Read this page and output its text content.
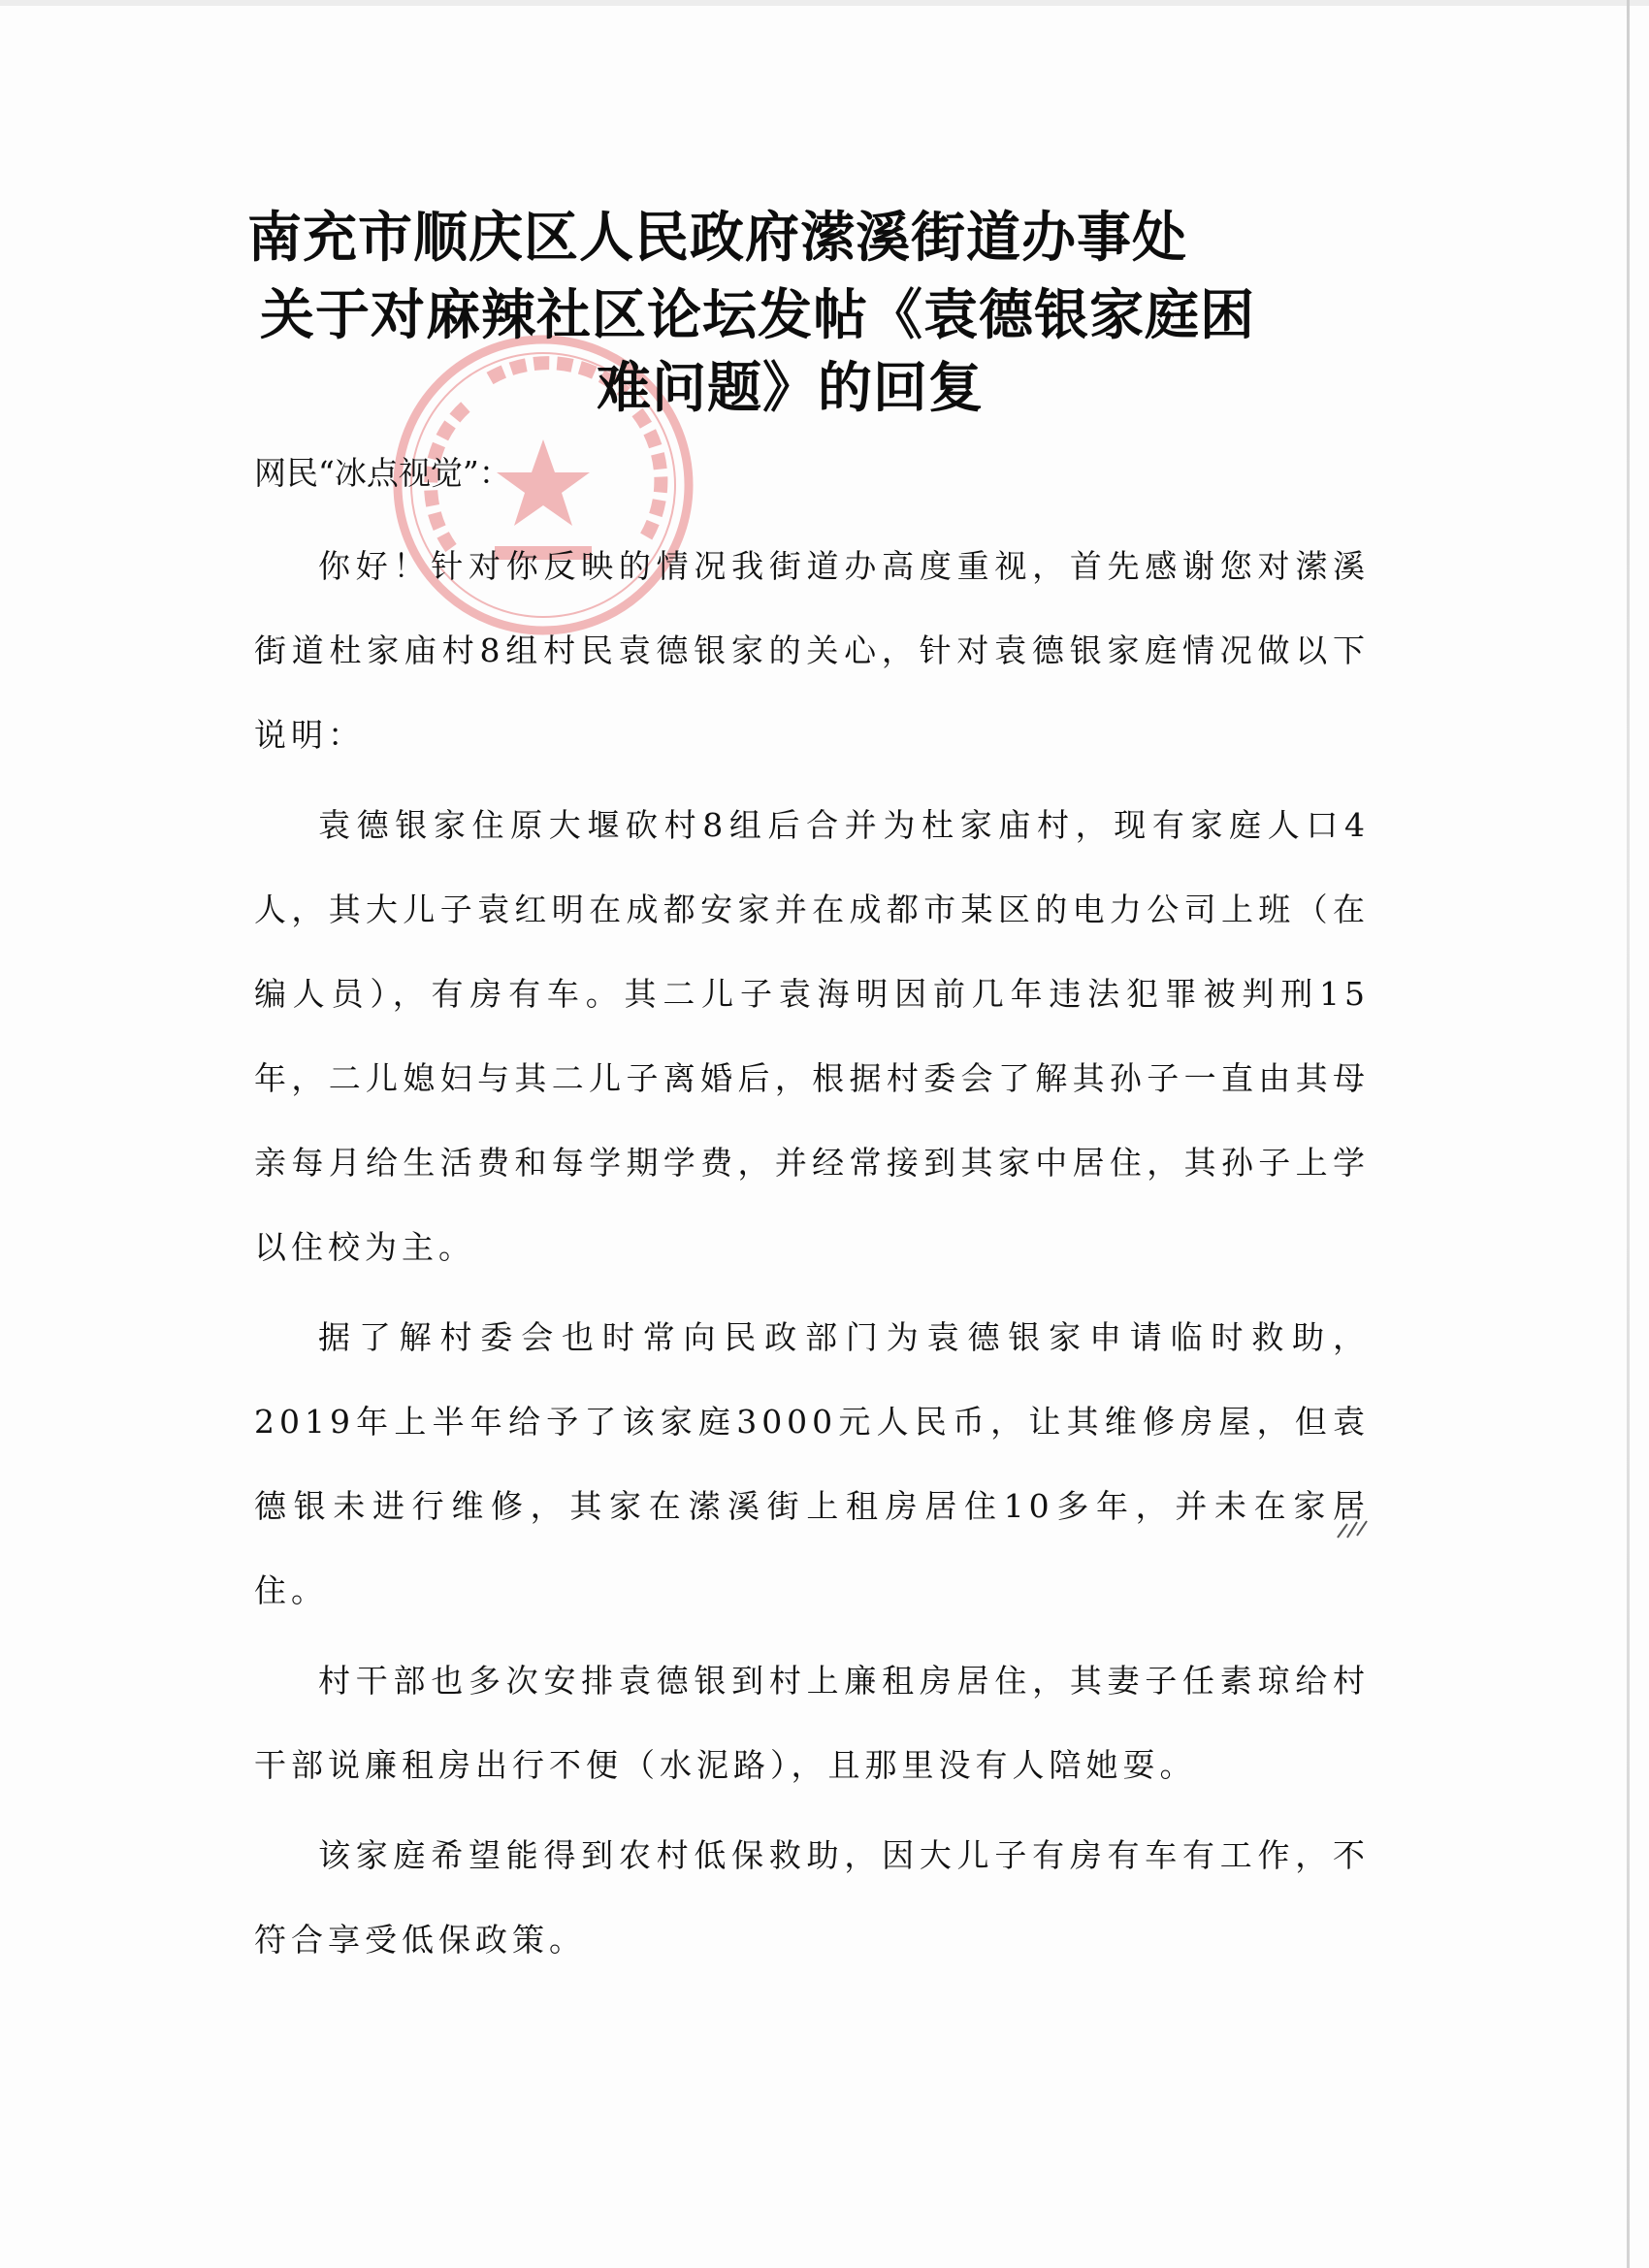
南充市顺庆区人民政府潆溪街道办事处
关于对麻辣社区论坛发帖《袁德银家庭困
难问题》的回复
网民“冰点视觉”：

你好！针对你反映的情况我街道办高度重视，首先感谢您对潆溪街道杜家庙村8组村民袁德银家的关心，针对袁德银家庭情况做以下说明：

袁德银家住原大堰砍村8组后合并为杜家庙村，现有家庭人口4人，其大儿子袁红明在成都安家并在成都市某区的电力公司上班（在编人员），有房有车。其二儿子袁海明因前几年违法犯罪被判刑15年，二儿媳妇与其二儿子离婚后，根据村委会了解其孙子一直由其母亲每月给生活费和每学期学费，并经常接到其家中居住，其孙子上学以住校为主。

据了解村委会也时常向民政部门为袁德银家申请临时救助，2019年上半年给予了该家庭3000元人民币，让其维修房屋，但袁德银未进行维修，其家在潆溪街上租房居住10多年，并未在家居住。

村干部也多次安排袁德银到村上廉租房居住，其妻子任素琼给村干部说廉租房出行不便（水泥路），且那里没有人陪她耍。

该家庭希望能得到农村低保救助，因大儿子有房有车有工作，不符合享受低保政策。
